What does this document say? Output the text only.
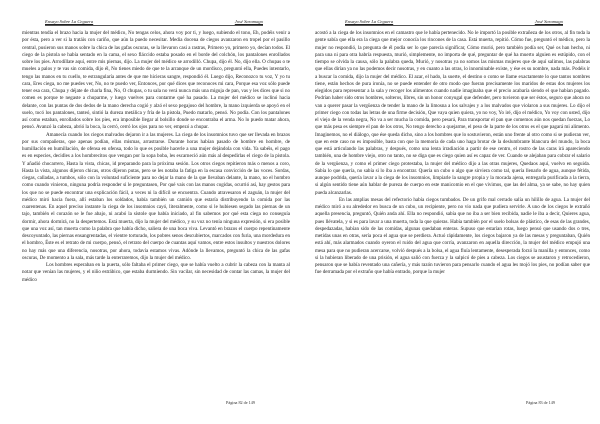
Ensayo Sobre La Ceguera	José Saramago

mientras tendía el brazo hacia la mujer del médico, No tengas celos, ahora voy por ti, y luego, subiendo el tono, Eh, podéis venir a por ésta, pero a ver si la tratáis con cariño, que aún la puedo necesitar. Media docena de ciegos avanzaron en tropel por el pasillo central, pusieron sus manos sobre la chica de las gafas oscuras, se la llevaron casi a rastras, Primero yo, primero yo, decían todos. El ciego de la pistola se había sentado en la cama, el sexo fláccido estaba posado en el borde del colchón, los pantalones enrollados sobre los pies. Arrodíllate aquí, entre mis piernas, dijo. La mujer del médico se arrodilló. Chupa, dijo él. No, dijo ella. O chupas o te mueles a palos y te vas sin comida, dijo él, No tienes miedo de que te la arranque de un mordisco, preguntó ella, Puedes intentarlo, tengo las manos en tu cuello, te estrangularía antes de que me hicieras sangre, respondió él. Luego dijo, Reconozco tu voz, Y yo tu cara, Eres ciega, no me puedes ver, No, no te puedo ver, Entonces, por qué dices que reconoces mi cara, Porque esa voz sólo puede tener esa cara, Chupa y déjate de charla fina, No, O chupas, o tu sala no verá nunca más una miguja de pan, vas y les dices que si no comen es porque te negaste a chuparme, y luego vuelves para contarme qué ha pasado. La mujer del médico se inclinó hacia delante, con las puntas de dos dedos de la mano derecha cogió y alzó el sexo pegajoso del hombre, la mano izquierda se apoyó en el suelo, tocó los pantalones, tanteó, sintió la dureza metálica y fría de la pistola, Puedo matarlo, pensó. No podía. Con los pantalones así como estaban, enrollados sobre los pies, era imposible llegar al bolsillo donde se encontraba el arma. No lo puedo matar ahora, pensó. Avanzó la cabeza, abrió la boca, la cerró, cerró los ojos para no ver, empezó a chupar.

Amanecía cuando los ciegos malvados dejaron ir a las mujeres. La ciega de los insomnios tuvo que ser llevada en brazos por sus compañeras, que apenas podían, ellas mismas, arrastrarse. Durante horas habían pasado de hombre en hombre, de humillación en humillación, de ofensa en ofensa, todo lo que es posible hacerle a una mujer dejándola con vida. Ya sabéis, el pago es en especies, decidles a los hombrecitos que vengan por la sopa boba, les escarneció aún más al despedirlas el ciego de la pistola. Y añadió chocarrero, Hasta la vista, chicas, id preparando para la próxima sesión. Los otros ciegos repitieron más o menos a coro, Hasta la vista, algunos dijeron chicas, otros dijeron putas, pero se les notaba la fatiga en la escasa convicción de las voces. Sordas, ciegas, calladas, a tumbos, sólo con la voluntad suficiente para no dejar la mano de la que llevaban delante, la mano, no el hombro como cuando vinieron, ninguna podría responder si le preguntasen, Por qué vais con las manos cogidas, ocurrió así, hay gestos para los que no se puede encontrar una explicación fácil, a veces ni la difícil se encuentra. Cuando atravesaron el zaguán, la mujer del médico miró hacia fuera, allí estaban los soldados, había también un camión que estaría distribuyendo la comida por las cuarentenas. En aquel preciso instante la ciega de los insomnios cayó, literalmente, como si le hubiesen segado las piernas de un tajo, también el corazón se le fue abajo, ni acabó la sístole que había iniciado, al fin sabemos por qué esta ciega no conseguía dormir, ahora dormirá, no la despertemos. Está muerta, dijo la mujer del médico, y su voz no tenía ninguna expresión, si era posible que una voz así, tan muerta como la palabra que había dicho, saliera de una boca viva. Levantó en brazos el cuerpo repentinamente descoyuntado, las piernas ensangrentadas, el vientre torturado, los pobres senos descubiertos, marcados con furia, una mordedura en el hombro, Éste es el retrato de mi cuerpo, pensó, el retrato del cuerpo de cuantas aquí vamos, entre estos insultos y nuestros dolores no hay más que una diferencia, nosotras, por ahora, todavía estamos vivas. Adónde la llevamos, preguntó la chica de las gafas oscuras, De momento a la sala, más tarde la enterraremos, dijo la mujer del médico.

Los hombres esperaban en la puerta, sólo faltaba el primer ciego, que se había vuelto a cubrir la cabeza con la manta al notar que venían las mujeres, y el niño estrábico, que estaba durmiendo. Sin vacilar, sin necesidad de contar las camas, la mujer del médico

Página 82 de 149
Ensayo Sobre La Ceguera	José Saramago

acostó a la ciega de los insomnios en el camastro que le había pertenecido. No le importó la posible extrañeza de los otros, al fin toda la gente sabía que ella era la ciega que mejor conocía los rincones de la casa. Está muerta, repitió. Cómo fue, preguntó el médico, pero la mujer no respondió, la pregunta de él podía ser lo que parecía significar, Cómo murió, pero también podía ser, Qué os han hecho, ni para una ni para otra habría respuesta, murió, simplemente, no importa de qué, preguntar de qué ha muerto alguien es estúpido, con el tiempo se olvida la causa, sólo la palabra queda, Murió, y nosotras ya no somos las mismas mujeres que de aquí salimos, las palabras que ellas dirían ya no las podemos decir nosotras, y en cuanto a las otras, lo innominable existe, y ése es su nombre, nada más. Podéis ir a buscar la comida, dijo la mujer del médico. El azar, el hado, la suerte, el destino o como se llame exactamente lo que tantos nombres tiene, están hechos de pura ironía, no se puede entender de otro modo que fueran precisamente los maridos de estas dos mujeres los elegidos para representar a la sala y recoger los alimentos cuando nadie imaginaba que el precio acabaría siendo el que habían pagado. Podrían haber sido otros hombres, solteros, libres, sin un honor conyugal que defender, pero tuvieron que ser éstos, seguro que ahora no van a querer pasar la vergüenza de tender la mano de la limosna a los salvajes y a los malvados que violaron a sus mujeres. Lo dijo el primer ciego con todas las letras de una firme decisión, Que vaya quien quiera, yo no voy, Yo iré, dijo el médico, Yo voy con usted, dijo el viejo de la venda negra, No va a ser mucha la comida, pero pesará, Para transportar el pan que comemos aún nos quedan fuerzas, Lo que más pesa es siempre el pan de los otros, No tengo derecho a quejarme, el peso de la parte de los otros es el que pagará mi alimento. Imaginemos, no el diálogo, que ése queda dicho, sino a los hombres que lo sostuvieron, están uno frente al otro como si se pudieran ver, que en este caso no es imposible, basta con que la memoria de cada uno haga brotar de la deslumbrante blancura del mundo, la boca que está articulando las palabras, y después, como una lenta irradiación a partir de ese centro, el rostro de las caras irá apareciendo también, una de hombre viejo, otro no tanto, no se diga que es ciego quien así es capaz de ver. Cuando se alejaban para cobrar el salario de la vergüenza, y como el primer ciego protestaba, la mujer del médico dijo a las otras mujeres, Quedaos aquí, vuelvo en seguida. Sabía lo que quería, no sabía si lo iba a encontrar. Quería un cubo o algo que sirviera como tal, quería llenarlo de agua, aunque fétida, aunque podrida, quería lavar a la ciega de los insomnios, limpiarle la sangre propia y la mocada ajena, entregarla purificada a la tierra, si algún sentido tiene aún hablar de pureza de cuerpo en este manicomio en el que vivimos, que las del alma, ya se sabe, no hay quien pueda alcanzarlas.

En las amplias mesas del refectorio había ciegos tumbados. De un grifo mal cerrado salía un hilillo de agua. La mujer del médico miró a su alrededor en busca de un cubo, un recipiente, pero no vio nada que pudiera servirle. A uno de los ciegos le extrañó aquella presencia, preguntó, Quién anda ahí. Ella no respondió, sabía que no iba a ser bien recibida, nadie le iba a decir, Quieres agua, pues llévatela, y si es para lavar a una muerta, toda la que quieras. Había también por el suelo bolsas de plástico, de esas de las grandes, despedazadas, habían sido de las comidas, algunas quedaban enteras. Supuso que estarían rotas, luego pensó que usando dos o tres, metidas unas en otras, sería poca el agua que se perdiera. Actuó rápidamente, los ciegos bajaron ya de las mesas y preguntaban, Quién está ahí, más alarmados cuando oyeron el ruido del agua que corría, avanzaron en aquella dirección, la mujer del médico empujó una mesa para que no pudieran acercarse, volvió después a la bolsa, el agua fluía lentamente, desesperada forzó la manilla y entonces, como si la hubieran liberado de una prisión, el agua salió con fuerza y la salpicó de pies a cabeza. Los ciegos se asustaron y retrocedieron, pensaron que se había reventado una cañería, y más razón tuvieron para pensarlo cuando el agua les mojó los pies, no podían saber que fue derramada por el extraño que había entrado, porque la mujer

Página 83 de 149
